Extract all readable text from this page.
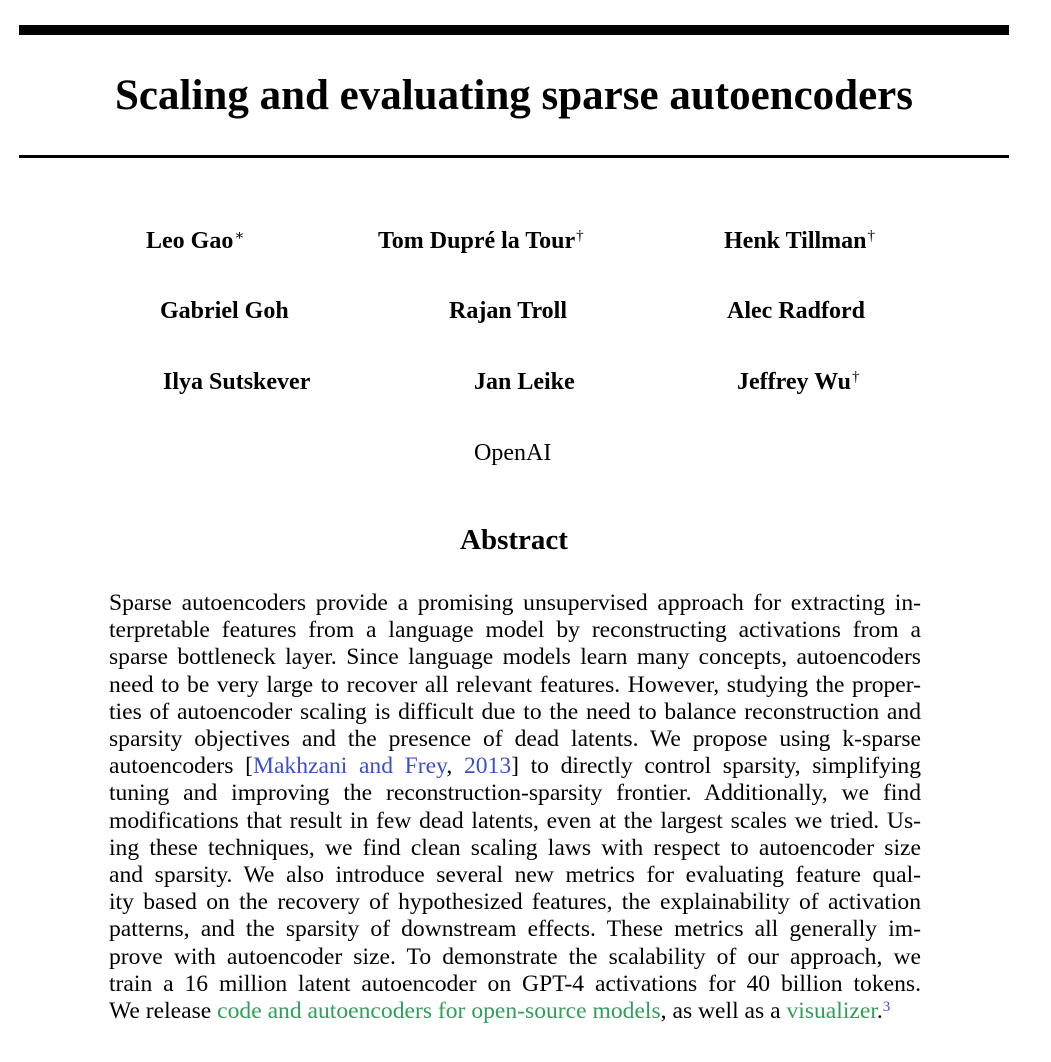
Scaling and evaluating sparse autoencoders
Leo Gao∗	Tom Dupré la Tour†	Henk Tillman†
Gabriel Goh	Rajan Troll	Alec Radford
Ilya Sutskever	Jan Leike	Jeffrey Wu†
OpenAI
Abstract
Sparse autoencoders provide a promising unsupervised approach for extracting in-
terpretable features from a language model by reconstructing activations from a
sparse bottleneck layer. Since language models learn many concepts, autoencoders
need to be very large to recover all relevant features. However, studying the proper-
ties of autoencoder scaling is difficult due to the need to balance reconstruction and
sparsity objectives and the presence of dead latents. We propose using k-sparse
autoencoders [Makhzani and Frey, 2013] to directly control sparsity, simplifying
tuning and improving the reconstruction-sparsity frontier. Additionally, we find
modifications that result in few dead latents, even at the largest scales we tried. Us-
ing these techniques, we find clean scaling laws with respect to autoencoder size
and sparsity. We also introduce several new metrics for evaluating feature qual-
ity based on the recovery of hypothesized features, the explainability of activation
patterns, and the sparsity of downstream effects. These metrics all generally im-
prove with autoencoder size. To demonstrate the scalability of our approach, we
train a 16 million latent autoencoder on GPT-4 activations for 40 billion tokens.
We release code and autoencoders for open-source models, as well as a visualizer.$^3$
